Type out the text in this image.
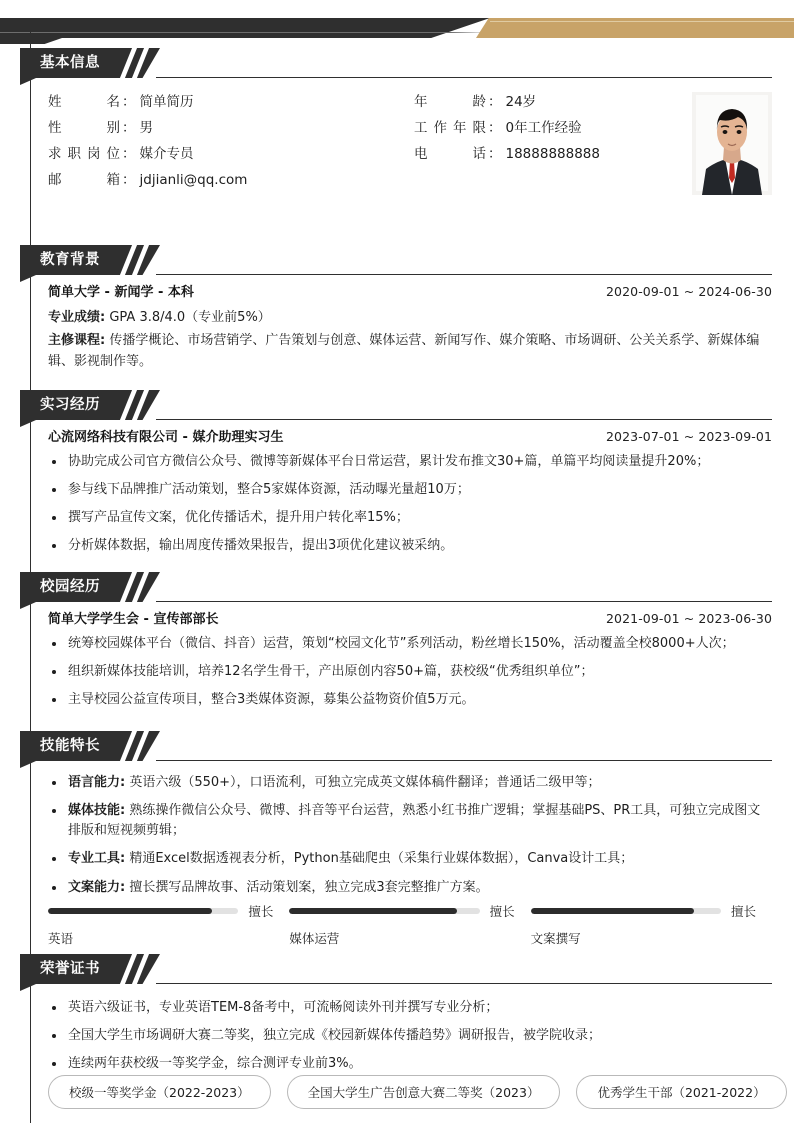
基本信息
姓名 ： 简单简历
性别 ： 男
求职岗位 ： 媒介专员
邮箱 ： jdjianli@qq.com
年龄 ： 24岁
工作年限 ： 0年工作经验
电话 ： 18888888888
教育背景
简单大学 - 新闻学 - 本科	2020-09-01 ~ 2024-06-30
专业成绩: GPA 3.8/4.0（专业前5%）
主修课程: 传播学概论、市场营销学、广告策划与创意、媒体运营、新闻写作、媒介策略、市场调研、公关关系学、新媒体编辑、影视制作等。
实习经历
心流网络科技有限公司 - 媒介助理实习生	2023-07-01 ~ 2023-09-01
协助完成公司官方微信公众号、微博等新媒体平台日常运营，累计发布推文30+篇，单篇平均阅读量提升20%；
参与线下品牌推广活动策划，整合5家媒体资源，活动曝光量超10万；
撰写产品宣传文案，优化传播话术，提升用户转化率15%；
分析媒体数据，输出周度传播效果报告，提出3项优化建议被采纳。
校园经历
简单大学学生会 - 宣传部部长	2021-09-01 ~ 2023-06-30
统筹校园媒体平台（微信、抖音）运营，策划“校园文化节”系列活动，粉丝增长150%，活动覆盖全校8000+人次；
组织新媒体技能培训，培养12名学生骨干，产出原创内容50+篇，获校级“优秀组织单位”；
主导校园公益宣传项目，整合3类媒体资源，募集公益物资价值5万元。
技能特长
语言能力: 英语六级（550+），口语流利，可独立完成英文媒体稿件翻译；普通话二级甲等；
媒体技能: 熟练操作微信公众号、微博、抖音等平台运营，熟悉小红书推广逻辑；掌握基础PS、PR工具，可独立完成图文排版和短视频剪辑；
专业工具: 精通Excel数据透视表分析，Python基础爬虫（采集行业媒体数据），Canva设计工具；
文案能力: 擅长撰写品牌故事、活动策划案，独立完成3套完整推广方案。
擅长
英语
擅长
媒体运营
擅长
文案撰写
荣誉证书
英语六级证书，专业英语TEM-8备考中，可流畅阅读外刊并撰写专业分析；
全国大学生市场调研大赛二等奖，独立完成《校园新媒体传播趋势》调研报告，被学院收录；
连续两年获校级一等奖学金，综合测评专业前3%。
校级一等奖学金（2022-2023）	全国大学生广告创意大赛二等奖（2023）	优秀学生干部（2021-2022）
